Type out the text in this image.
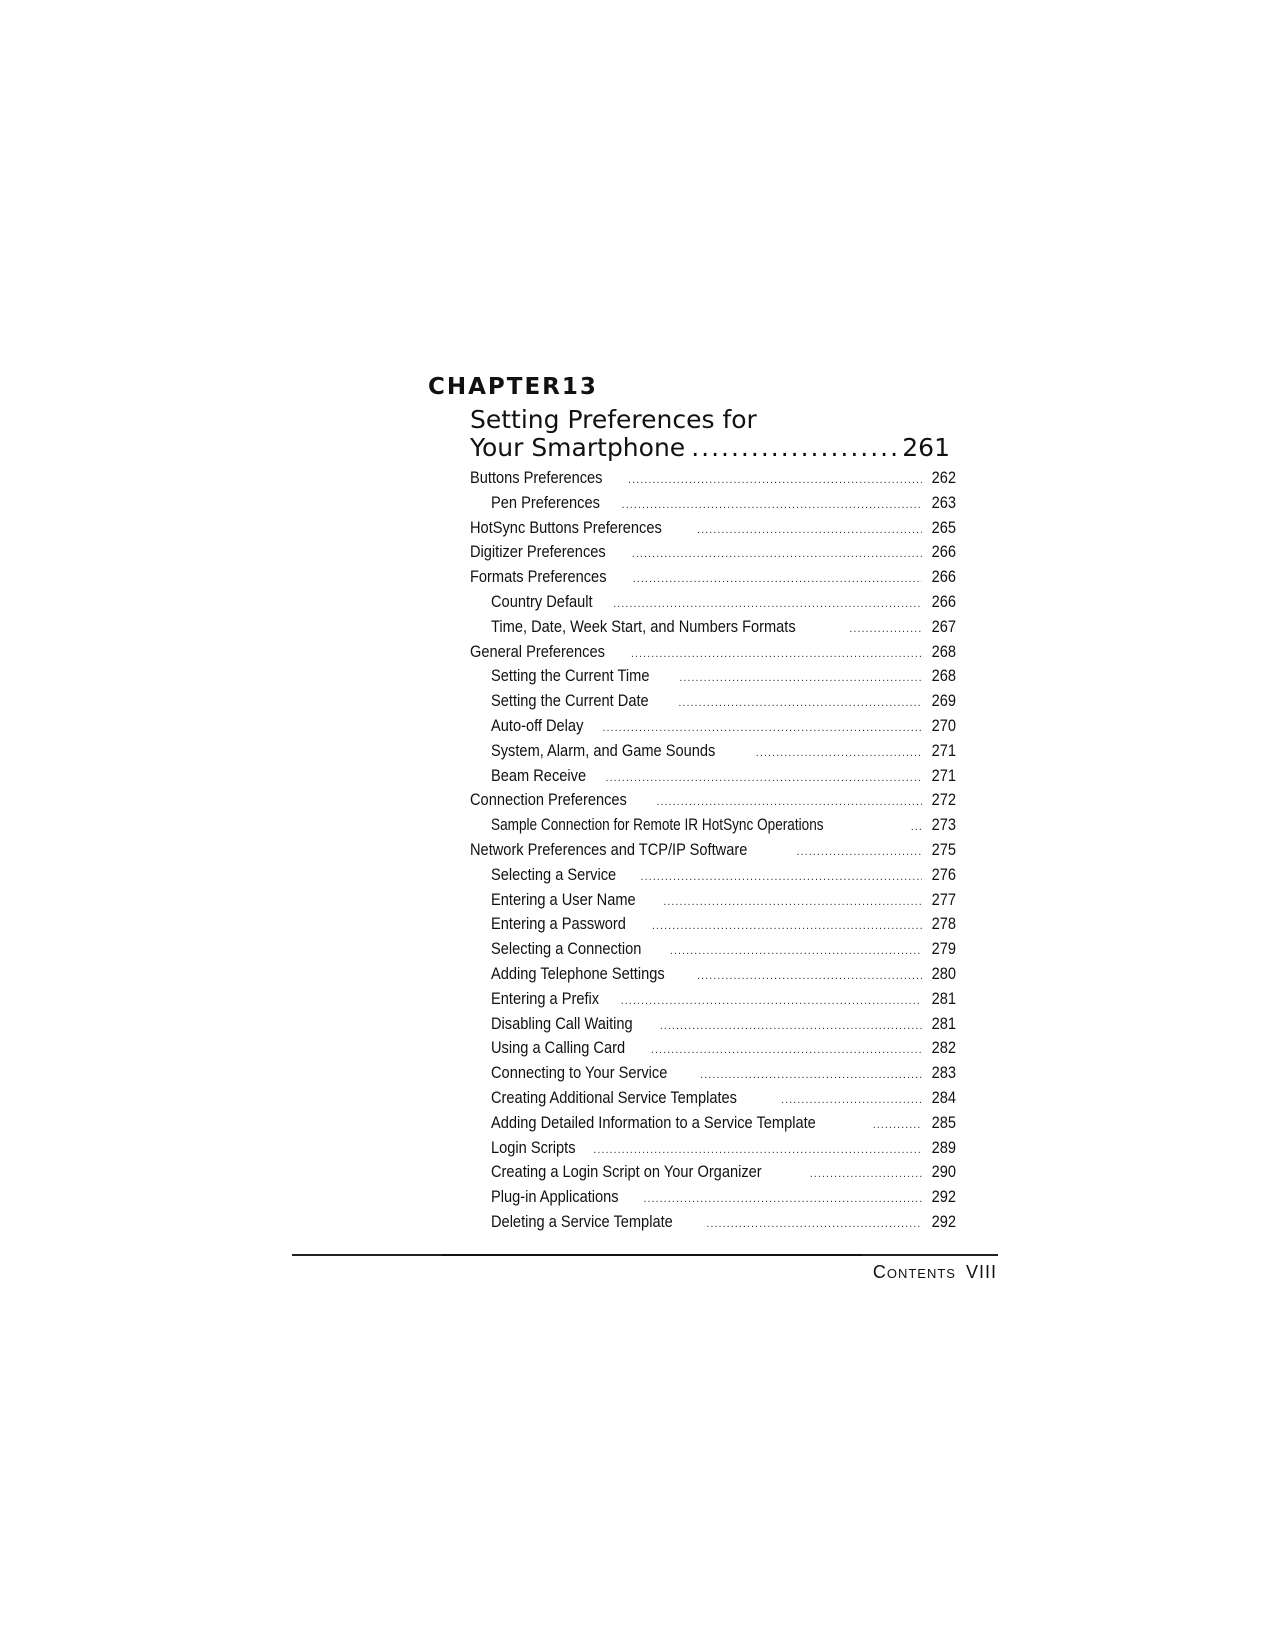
CHAPTER13
Setting Preferences for
Your Smartphone .....	261
Buttons Preferences .....	262
Pen Preferences .....	263
HotSync Buttons Preferences .....	265
Digitizer Preferences .....	266
Formats Preferences .....	266
Country Default .....	266
Time, Date, Week Start, and Numbers Formats .....	267
General Preferences .....	268
Setting the Current Time .....	268
Setting the Current Date .....	269
Auto-off Delay .....	270
System, Alarm, and Game Sounds .....	271
Beam Receive .....	271
Connection Preferences .....	272
Sample Connection for Remote IR HotSync Operations .....	273
Network Preferences and TCP/IP Software .....	275
Selecting a Service .....	276
Entering a User Name .....	277
Entering a Password .....	278
Selecting a Connection .....	279
Adding Telephone Settings .....	280
Entering a Prefix .....	281
Disabling Call Waiting .....	281
Using a Calling Card .....	282
Connecting to Your Service .....	283
Creating Additional Service Templates .....	284
Adding Detailed Information to a Service Template .....	285
Login Scripts .....	289
Creating a Login Script on Your Organizer .....	290
Plug-in Applications .....	292
Deleting a Service Template .....	292
Contents VIII
